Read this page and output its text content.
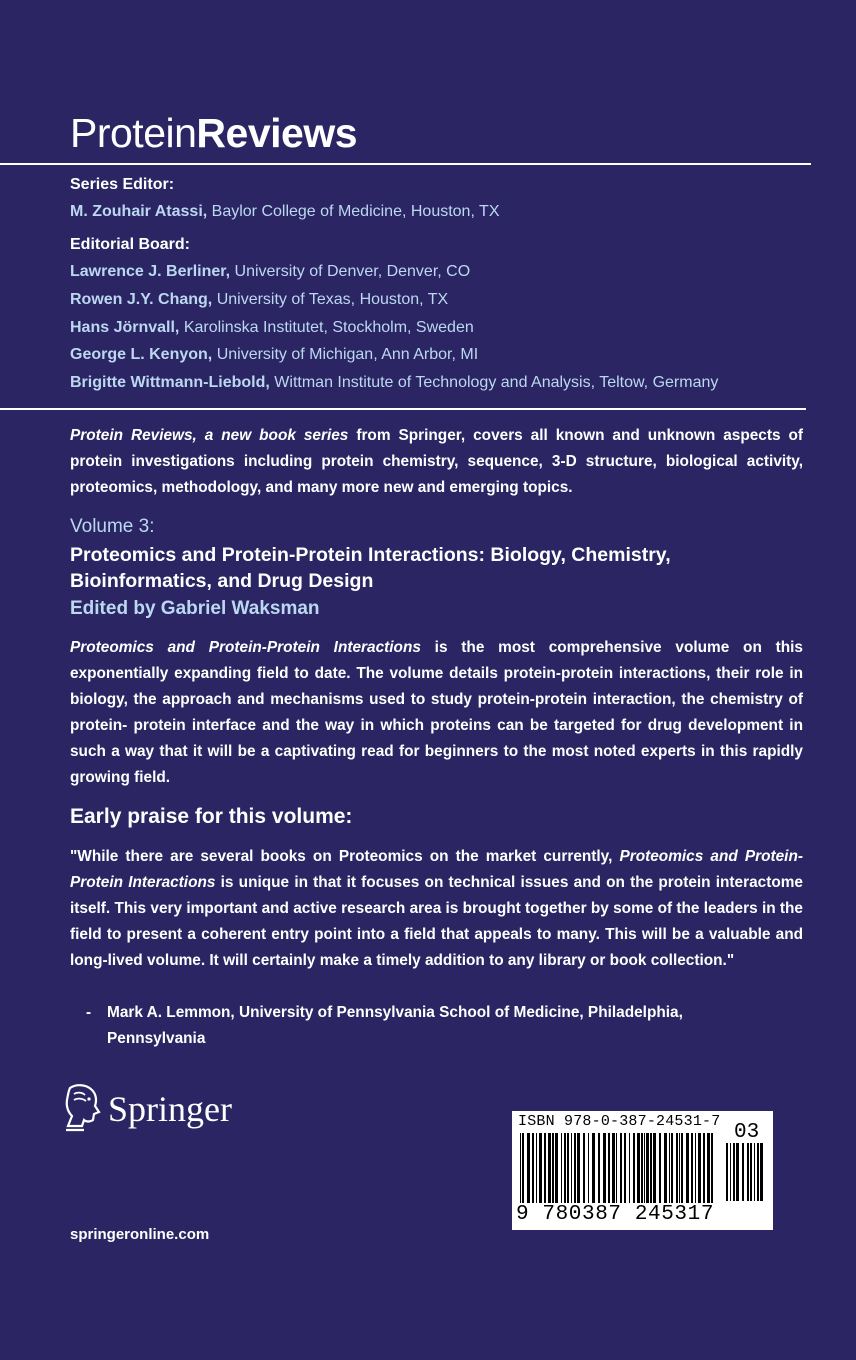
ProteinReviews
Series Editor:
M. Zouhair Atassi, Baylor College of Medicine, Houston, TX
Editorial Board:
Lawrence J. Berliner, University of Denver, Denver, CO
Rowen J.Y. Chang, University of Texas, Houston, TX
Hans Jörnvall, Karolinska Institutet, Stockholm, Sweden
George L. Kenyon, University of Michigan, Ann Arbor, MI
Brigitte Wittmann-Liebold, Wittman Institute of Technology and Analysis, Teltow, Germany
Protein Reviews, a new book series from Springer, covers all known and unknown aspects of protein investigations including protein chemistry, sequence, 3-D structure, biological activity, proteomics, methodology, and many more new and emerging topics.
Volume 3:
Proteomics and Protein-Protein Interactions: Biology, Chemistry, Bioinformatics, and Drug Design
Edited by Gabriel Waksman
Proteomics and Protein-Protein Interactions is the most comprehensive volume on this exponentially expanding field to date. The volume details protein-protein interactions, their role in biology, the approach and mechanisms used to study protein-protein interaction, the chemistry of protein- protein interface and the way in which proteins can be targeted for drug development in such a way that it will be a captivating read for beginners to the most noted experts in this rapidly growing field.
Early praise for this volume:
"While there are several books on Proteomics on the market currently, Proteomics and Protein-Protein Interactions is unique in that it focuses on technical issues and on the protein interactome itself. This very important and active research area is brought together by some of the leaders in the field to present a coherent entry point into a field that appeals to many. This will be a valuable and long-lived volume. It will certainly make a timely addition to any library or book collection."
- Mark A. Lemmon, University of Pennsylvania School of Medicine, Philadelphia, Pennsylvania
Springer
springeronline.com
ISBN 978-0-387-24531-7 03
9 780387 245317
